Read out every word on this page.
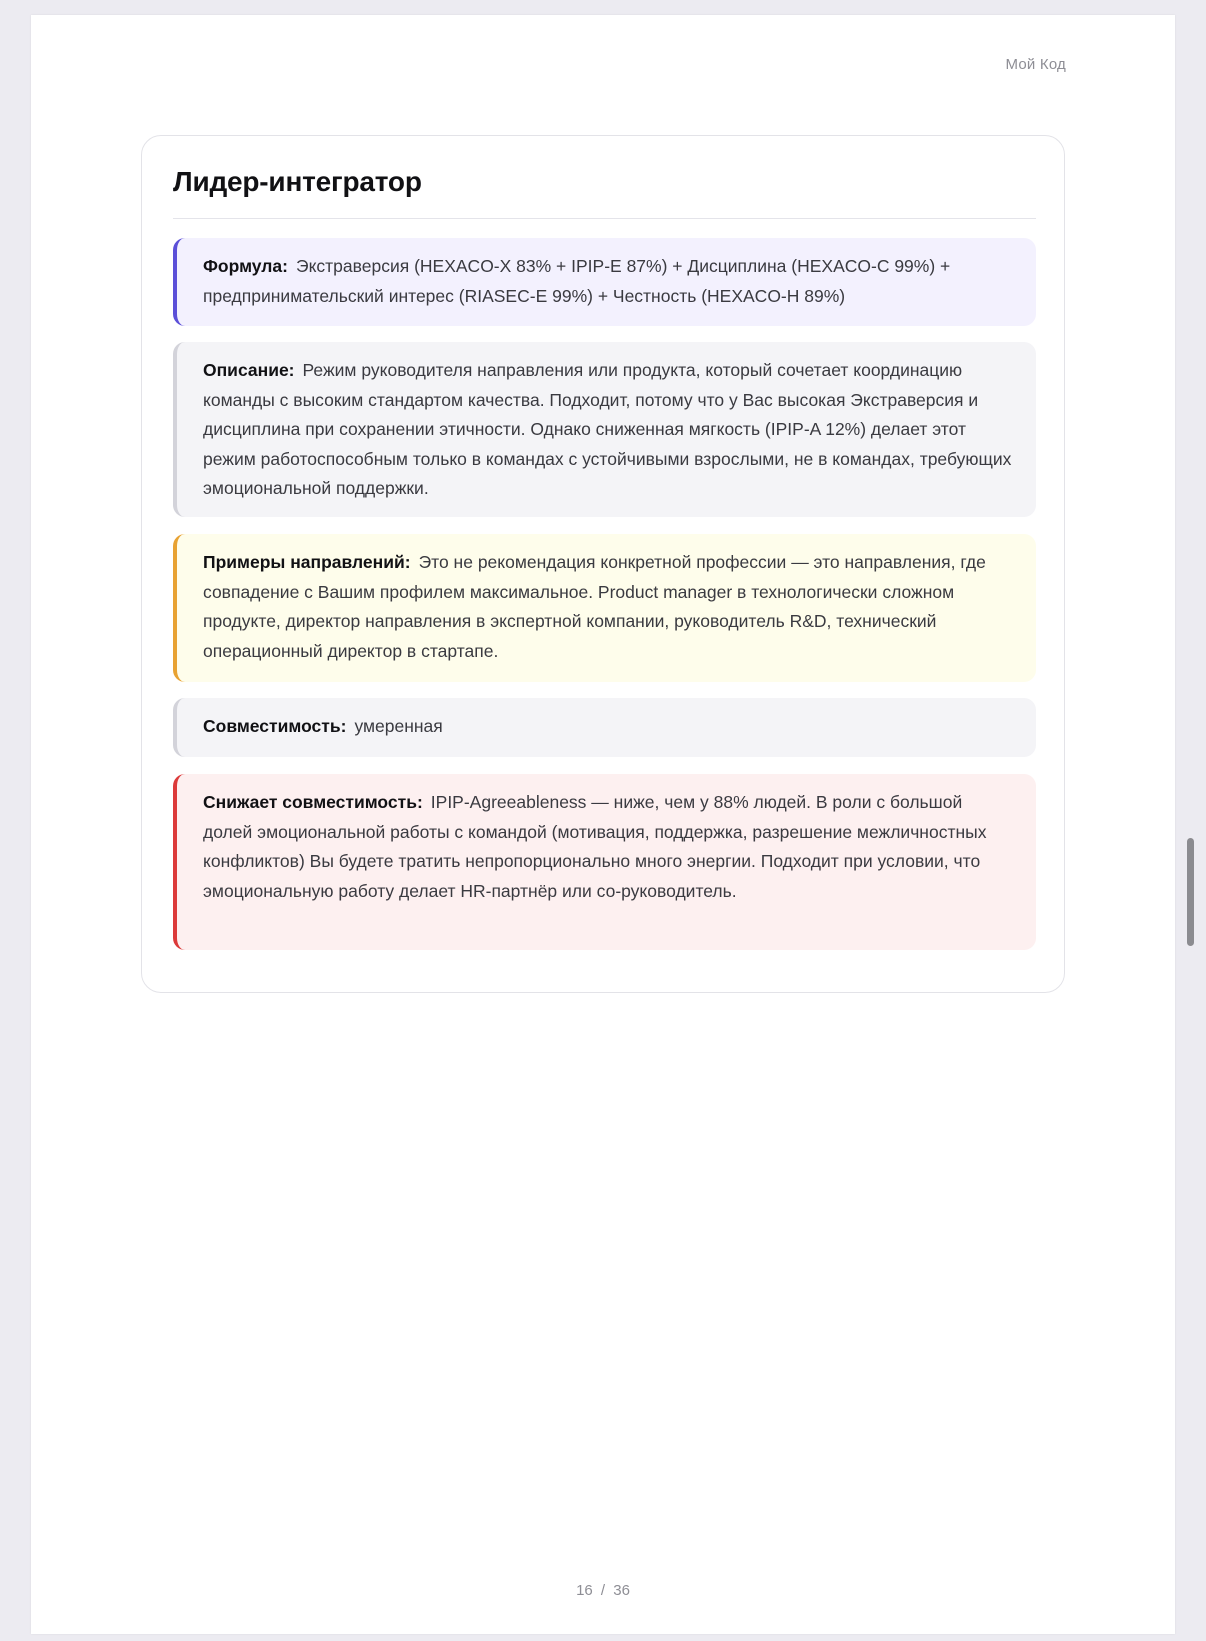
Мой Код
Лидер-интегратор
Формула: Экстраверсия (HEXACO-X 83% + IPIP-E 87%) + Дисциплина (HEXACO-C 99%) + предпринимательский интерес (RIASEC-E 99%) + Честность (HEXACO-H 89%)
Описание: Режим руководителя направления или продукта, который сочетает координацию команды с высоким стандартом качества. Подходит, потому что у Вас высокая Экстраверсия и дисциплина при сохранении этичности. Однако сниженная мягкость (IPIP-A 12%) делает этот режим работоспособным только в командах с устойчивыми взрослыми, не в командах, требующих эмоциональной поддержки.
Примеры направлений: Это не рекомендация конкретной профессии — это направления, где совпадение с Вашим профилем максимальное. Product manager в технологически сложном продукте, директор направления в экспертной компании, руководитель R&D, технический операционный директор в стартапе.
Совместимость: умеренная
Снижает совместимость: IPIP-Agreeableness — ниже, чем у 88% людей. В роли с большой долей эмоциональной работы с командой (мотивация, поддержка, разрешение межличностных конфликтов) Вы будете тратить непропорционально много энергии. Подходит при условии, что эмоциональную работу делает HR-партнёр или со-руководитель.
16 / 36
